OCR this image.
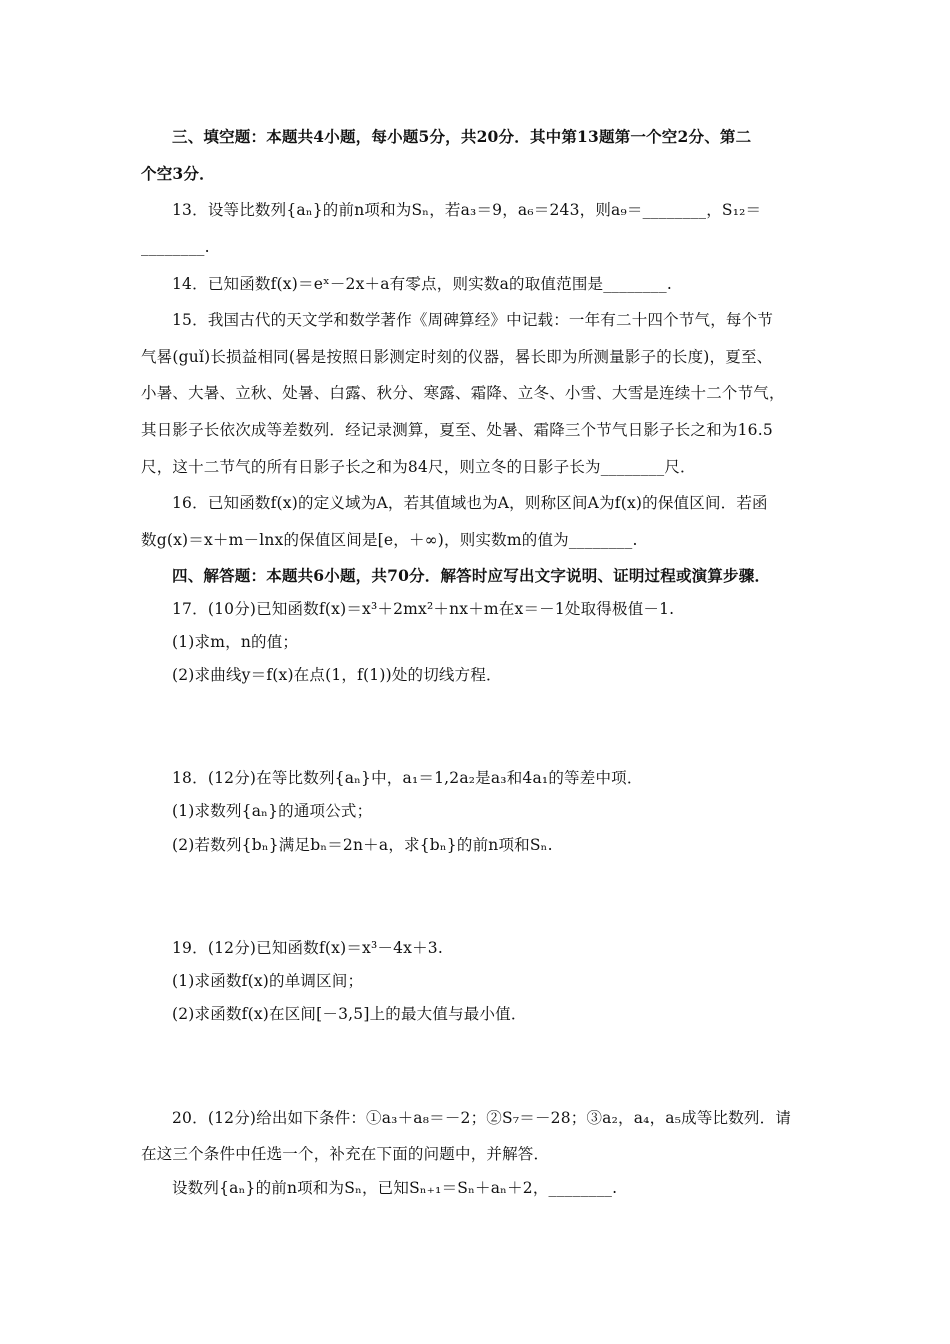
三、填空题：本题共4小题，每小题5分，共20分．其中第13题第一个空2分、第二
个空3分．
13．设等比数列{aₙ}的前n项和为Sₙ，若a₃＝9，a₆＝243，则a₉＝________，S₁₂＝
________.
14．已知函数f(x)＝eˣ－2x＋a有零点，则实数a的取值范围是________.
15．我国古代的天文学和数学著作《周碑算经》中记载：一年有二十四个节气，每个节
气晷(guǐ)长损益相同(晷是按照日影测定时刻的仪器，晷长即为所测量影子的长度)，夏至、
小暑、大暑、立秋、处暑、白露、秋分、寒露、霜降、立冬、小雪、大雪是连续十二个节气，
其日影子长依次成等差数列．经记录测算，夏至、处暑、霜降三个节气日影子长之和为16.5
尺，这十二节气的所有日影子长之和为84尺，则立冬的日影子长为________尺．
16．已知函数f(x)的定义域为A，若其值域也为A，则称区间A为f(x)的保值区间．若函
数g(x)＝x＋m－lnx的保值区间是[e，＋∞)，则实数m的值为________.
四、解答题：本题共6小题，共70分．解答时应写出文字说明、证明过程或演算步骤．
17．(10分)已知函数f(x)＝x³＋2mx²＋nx＋m在x＝－1处取得极值－1.
(1)求m，n的值；
(2)求曲线y＝f(x)在点(1，f(1))处的切线方程．
18．(12分)在等比数列{aₙ}中，a₁＝1,2a₂是a₃和4a₁的等差中项．
(1)求数列{aₙ}的通项公式；
(2)若数列{bₙ}满足bₙ＝2n＋a，求{bₙ}的前n项和Sₙ.
19．(12分)已知函数f(x)＝x³－4x＋3.
(1)求函数f(x)的单调区间；
(2)求函数f(x)在区间[－3,5]上的最大值与最小值．
20．(12分)给出如下条件：①a₃＋a₈＝－2；②S₇＝－28；③a₂，a₄，a₅成等比数列．请
在这三个条件中任选一个，补充在下面的问题中，并解答．
设数列{aₙ}的前n项和为Sₙ，已知Sₙ₊₁＝Sₙ＋aₙ＋2，________.
